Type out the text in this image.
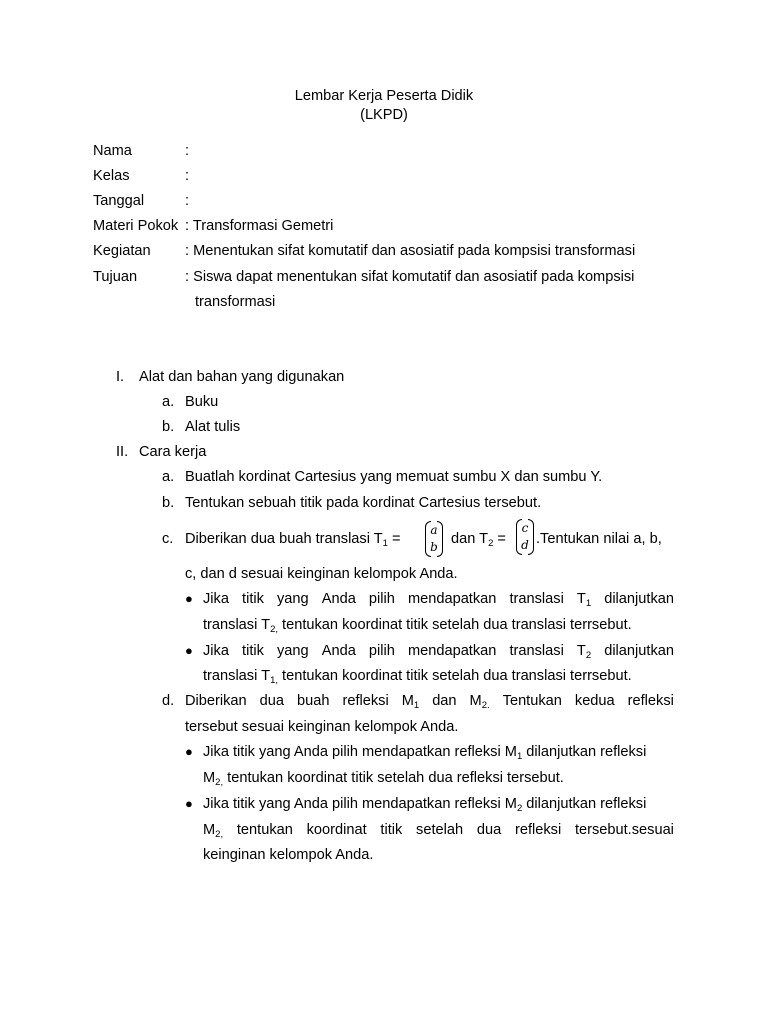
Lembar Kerja Peserta Didik
(LKPD)
Nama	:
Kelas	:
Tanggal	:
Materi Pokok : Transformasi Gemetri
Kegiatan : Menentukan sifat komutatif dan asosiatif pada kompsisi transformasi
Tujuan	: Siswa dapat menentukan sifat komutatif dan asosiatif pada kompsisi
transformasi
I. Alat dan bahan yang digunakan
a. Buku
b. Alat tulis
II. Cara kerja
a. Buatlah kordinat Cartesius yang memuat sumbu X dan sumbu Y.
b. Tentukan sebuah titik pada kordinat Cartesius tersebut.
c. Diberikan dua buah translasi $T_1$ =
a
b dan $T_2$ =
c
d .Tentukan nilai a, b,
c, dan d sesuai keinginan kelompok Anda.
● Jika titik yang Anda pilih mendapatkan translasi $T_1$ dilanjutkan
translasi $T_{2,}$ tentukan koordinat titik setelah dua translasi terrsebut.
● Jika titik yang Anda pilih mendapatkan translasi $T_2$ dilanjutkan
translasi $T_{1,}$ tentukan koordinat titik setelah dua translasi terrsebut.
d. Diberikan dua buah refleksi $M_1$ dan $M_{2.}$ Tentukan kedua refleksi
tersebut sesuai keinginan kelompok Anda.
● Jika titik yang Anda pilih mendapatkan refleksi $M_1$ dilanjutkan refleksi
$M_{2,}$ tentukan koordinat titik setelah dua refleksi tersebut.
● Jika titik yang Anda pilih mendapatkan refleksi $M_2$ dilanjutkan refleksi
$M_{2,}$ tentukan koordinat titik setelah dua refleksi tersebut.sesuai
keinginan kelompok Anda.
